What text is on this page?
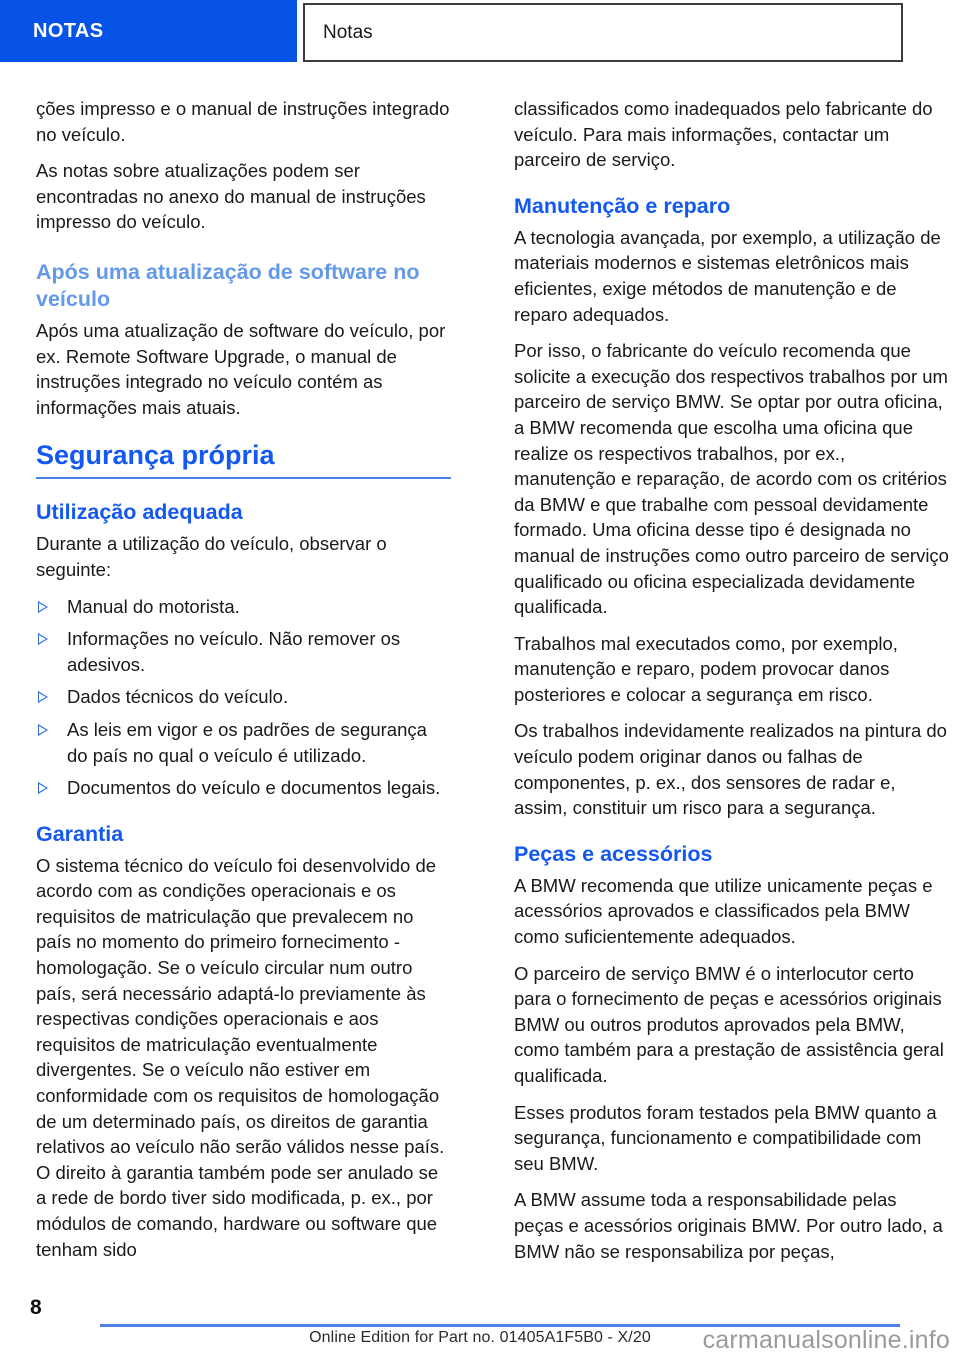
NOTAS	Notas

ções impresso e o manual de instruções integrado no veículo.

As notas sobre atualizações podem ser encontradas no anexo do manual de instruções impresso do veículo.

Após uma atualização de software no veículo

Após uma atualização de software do veículo, por ex. Remote Software Upgrade, o manual de instruções integrado no veículo contém as informações mais atuais.

Segurança própria
Utilização adequada

Durante a utilização do veículo, observar o seguinte:

Manual do motorista.
Informações no veículo. Não remover os adesivos.
Dados técnicos do veículo.
As leis em vigor e os padrões de segurança do país no qual o veículo é utilizado.
Documentos do veículo e documentos legais.
Garantia

O sistema técnico do veículo foi desenvolvido de acordo com as condições operacionais e os requisitos de matriculação que prevalecem no país no momento do primeiro fornecimento - homologação. Se o veículo circular num outro país, será necessário adaptá-lo previamente às respectivas condições operacionais e aos requisitos de matriculação eventualmente divergentes. Se o veículo não estiver em conformidade com os requisitos de homologação de um determinado país, os direitos de garantia relativos ao veículo não serão válidos nesse país. O direito à garantia também pode ser anulado se a rede de bordo tiver sido modificada, p. ex., por módulos de comando, hardware ou software que tenham sido

classificados como inadequados pelo fabricante do veículo. Para mais informações, contactar um parceiro de serviço.

Manutenção e reparo

A tecnologia avançada, por exemplo, a utilização de materiais modernos e sistemas eletrônicos mais eficientes, exige métodos de manutenção e de reparo adequados.

Por isso, o fabricante do veículo recomenda que solicite a execução dos respectivos trabalhos por um parceiro de serviço BMW. Se optar por outra oficina, a BMW recomenda que escolha uma oficina que realize os respectivos trabalhos, por ex., manutenção e reparação, de acordo com os critérios da BMW e que trabalhe com pessoal devidamente formado. Uma oficina desse tipo é designada no manual de instruções como outro parceiro de serviço qualificado ou oficina especializada devidamente qualificada.

Trabalhos mal executados como, por exemplo, manutenção e reparo, podem provocar danos posteriores e colocar a segurança em risco.

Os trabalhos indevidamente realizados na pintura do veículo podem originar danos ou falhas de componentes, p. ex., dos sensores de radar e, assim, constituir um risco para a segurança.

Peças e acessórios

A BMW recomenda que utilize unicamente peças e acessórios aprovados e classificados pela BMW como suficientemente adequados.

O parceiro de serviço BMW é o interlocutor certo para o fornecimento de peças e acessórios originais BMW ou outros produtos aprovados pela BMW, como também para a prestação de assistência geral qualificada.

Esses produtos foram testados pela BMW quanto a segurança, funcionamento e compatibilidade com seu BMW.

A BMW assume toda a responsabilidade pelas peças e acessórios originais BMW. Por outro lado, a BMW não se responsabiliza por peças,

8
Online Edition for Part no. 01405A1F5B0 - X/20	carmanualsonline.info
